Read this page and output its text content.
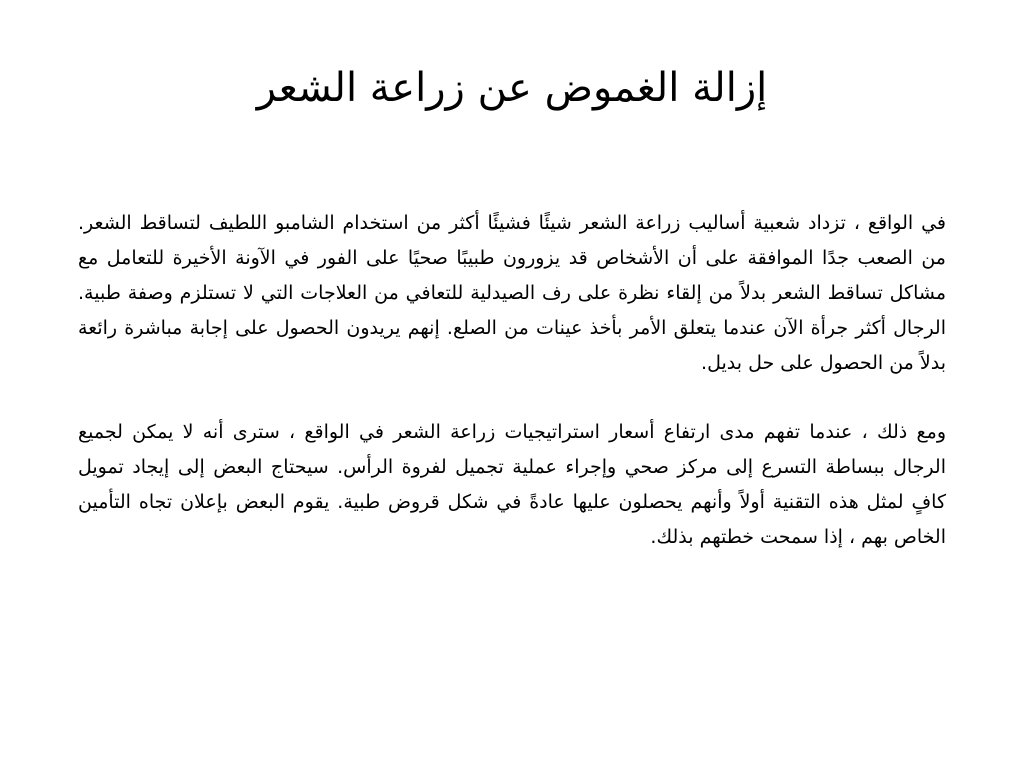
إزالة الغموض عن زراعة الشعر

في الواقع ، تزداد شعبية أساليب زراعة الشعر شيئًا فشيئًا أكثر من استخدام الشامبو اللطيف لتساقط الشعر. من الصعب جدًا الموافقة على أن الأشخاص قد يزورون طبيبًا صحيًا على الفور في الآونة الأخيرة للتعامل مع مشاكل تساقط الشعر بدلاً من إلقاء نظرة على رف الصيدلية للتعافي من العلاجات التي لا تستلزم وصفة طبية. الرجال أكثر جرأة الآن عندما يتعلق الأمر بأخذ عينات من الصلع. إنهم يريدون الحصول على إجابة مباشرة رائعة بدلاً من الحصول على حل بديل.

ومع ذلك ، عندما تفهم مدى ارتفاع أسعار استراتيجيات زراعة الشعر في الواقع ، سترى أنه لا يمكن لجميع الرجال ببساطة التسرع إلى مركز صحي وإجراء عملية تجميل لفروة الرأس. سيحتاج البعض إلى إيجاد تمويل كافٍ لمثل هذه التقنية أولاً وأنهم يحصلون عليها عادةً في شكل قروض طبية. يقوم البعض بإعلان تجاه التأمين الخاص بهم ، إذا سمحت خطتهم بذلك.
